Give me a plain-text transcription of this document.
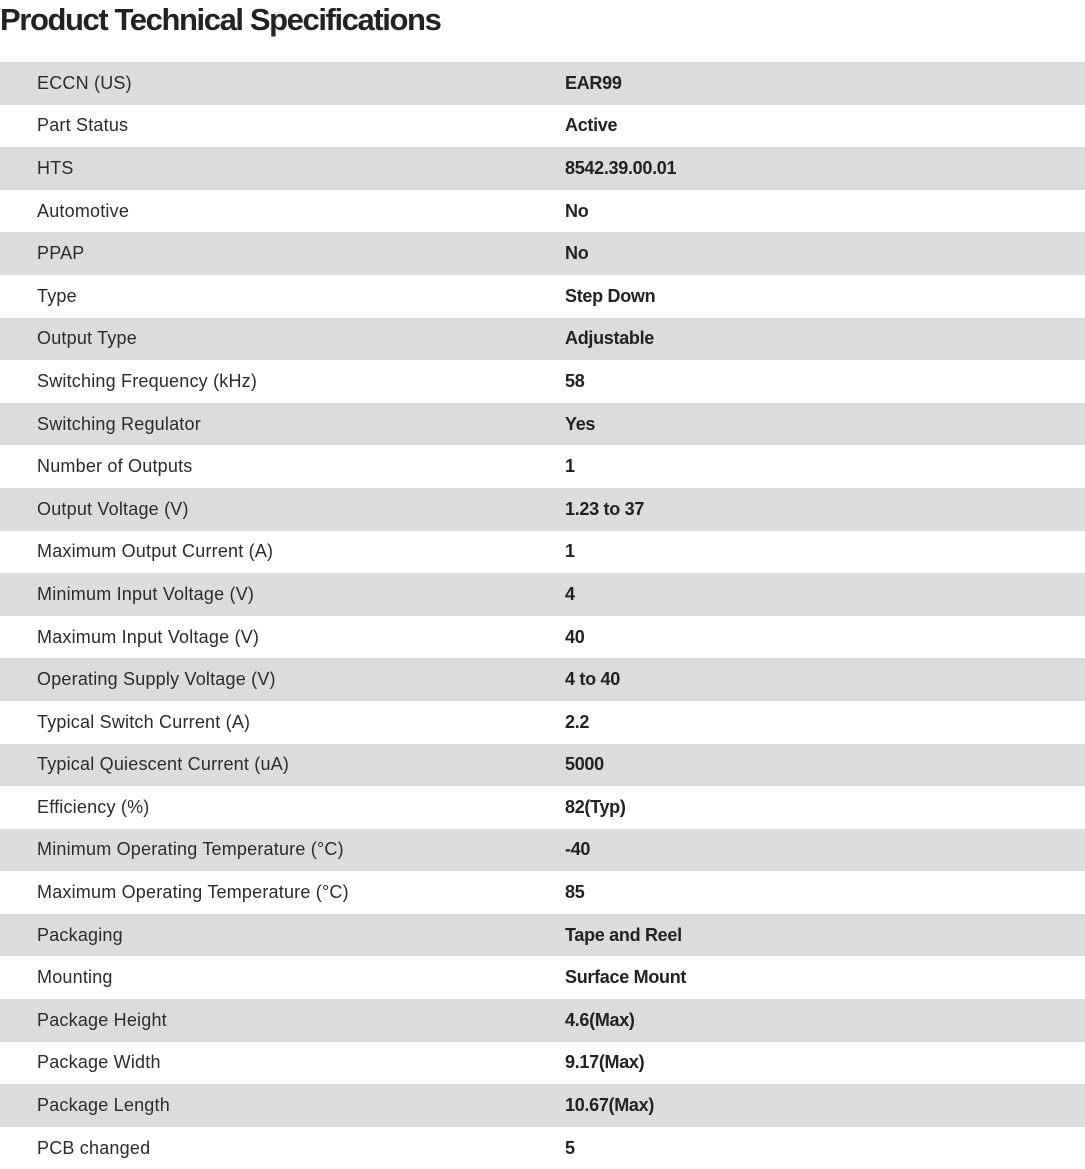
Product Technical Specifications
ECCN (US)	EAR99
Part Status	Active
HTS	8542.39.00.01
Automotive	No
PPAP	No
Type	Step Down
Output Type	Adjustable
Switching Frequency (kHz)	58
Switching Regulator	Yes
Number of Outputs	1
Output Voltage (V)	1.23 to 37
Maximum Output Current (A)	1
Minimum Input Voltage (V)	4
Maximum Input Voltage (V)	40
Operating Supply Voltage (V)	4 to 40
Typical Switch Current (A)	2.2
Typical Quiescent Current (uA)	5000
Efficiency (%)	82(Typ)
Minimum Operating Temperature (°C)	-40
Maximum Operating Temperature (°C)	85
Packaging	Tape and Reel
Mounting	Surface Mount
Package Height	4.6(Max)
Package Width	9.17(Max)
Package Length	10.67(Max)
PCB changed	5
